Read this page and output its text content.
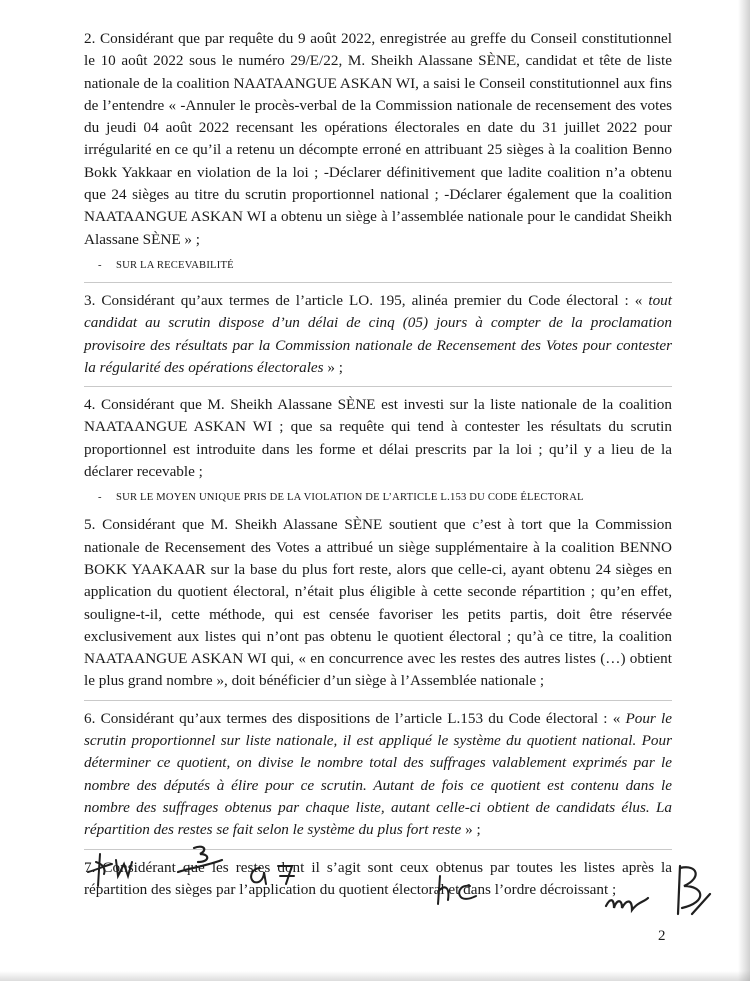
2. Considérant que par requête du 9 août 2022, enregistrée au greffe du Conseil constitutionnel le 10 août 2022 sous le numéro 29/E/22, M. Sheikh Alassane SÈNE, candidat et tête de liste nationale de la coalition NAATAANGUE ASKAN WI, a saisi le Conseil constitutionnel aux fins de l’entendre « -Annuler le procès-verbal de la Commission nationale de recensement des votes du jeudi 04 août 2022 recensant les opérations électorales en date du 31 juillet 2022 pour irrégularité en ce qu’il a retenu un décompte erroné en attribuant 25 sièges à la coalition Benno Bokk Yakkaar en violation de la loi ; -Déclarer définitivement que ladite coalition n’a obtenu que 24 sièges au titre du scrutin proportionnel national ; -Déclarer également que la coalition NAATAANGUE ASKAN WI a obtenu un siège à l’assemblée nationale pour le candidat Sheikh Alassane SÈNE » ;

- SUR LA RECEVABILITÉ

3. Considérant qu’aux termes de l’article LO. 195, alinéa premier du Code électoral : « tout candidat au scrutin dispose d’un délai de cinq (05) jours à compter de la proclamation provisoire des résultats par la Commission nationale de Recensement des Votes pour contester la régularité des opérations électorales » ;

4. Considérant que M. Sheikh Alassane SÈNE est investi sur la liste nationale de la coalition NAATAANGUE ASKAN WI ; que sa requête qui tend à contester les résultats du scrutin proportionnel est introduite dans les forme et délai prescrits par la loi ; qu’il y a lieu de la déclarer recevable ;

- SUR LE MOYEN UNIQUE PRIS DE LA VIOLATION DE L’ARTICLE L.153 DU CODE ÉLECTORAL

5. Considérant que M. Sheikh Alassane SÈNE soutient que c’est à tort que la Commission nationale de Recensement des Votes a attribué un siège supplémentaire à la coalition BENNO BOKK YAAKAAR sur la base du plus fort reste, alors que celle-ci, ayant obtenu 24 sièges en application du quotient électoral, n’était plus éligible à cette seconde répartition ; qu’en effet, souligne-t-il, cette méthode, qui est censée favoriser les petits partis, doit être réservée exclusivement aux listes qui n’ont pas obtenu le quotient électoral ; qu’à ce titre, la coalition NAATAANGUE ASKAN WI qui, « en concurrence avec les restes des autres listes (…) obtient le plus grand nombre », doit bénéficier d’un siège à l’Assemblée nationale ;

6. Considérant qu’aux termes des dispositions de l’article L.153 du Code électoral : « Pour le scrutin proportionnel sur liste nationale, il est appliqué le système du quotient national. Pour déterminer ce quotient, on divise le nombre total des suffrages valablement exprimés par le nombre des députés à élire pour ce scrutin. Autant de fois ce quotient est contenu dans le nombre des suffrages obtenus par chaque liste, autant celle-ci obtient de candidats élus. La répartition des restes se fait selon le système du plus fort reste » ;

7. Considérant que les restes dont il s’agit sont ceux obtenus par toutes les listes après la répartition des sièges par l’application du quotient électoral et dans l’ordre décroissant ;

2
